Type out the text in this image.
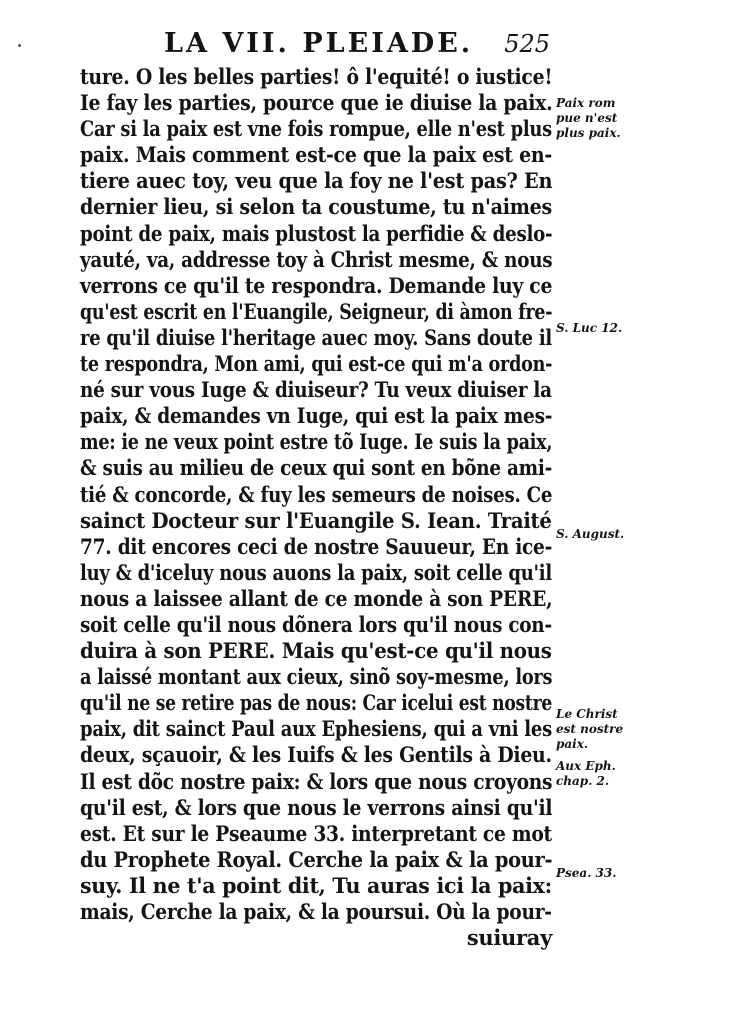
LA VII. PLEIADE. 525
ture. O les belles parties! ô l'equité! o iustice!
Ie fay les parties, pource que ie diuise la paix.
Car si la paix est vne fois rompue, elle n'est plus
paix. Mais comment est-ce que la paix est en-
tiere auec toy, veu que la foy ne l'est pas? En
dernier lieu, si selon ta coustume, tu n'aimes
point de paix, mais plustost la perfidie & deslo-
yauté, va, addresse toy à Christ mesme, & nous
verrons ce qu'il te respondra. Demande luy ce
qu'est escrit en l'Euangile, Seigneur, di àmon fre-
re qu'il diuise l'heritage auec moy. Sans doute il
te respondra, Mon ami, qui est-ce qui m'a ordon-
né sur vous Iuge & diuiseur? Tu veux diuiser la
paix, & demandes vn Iuge, qui est la paix mes-
me: ie ne veux point estre tõ Iuge. Ie suis la paix,
& suis au milieu de ceux qui sont en bõne ami-
tié & concorde, & fuy les semeurs de noises. Ce
sainct Docteur sur l'Euangile S. Iean. Traité
77. dit encores ceci de nostre Sauueur, En ice-
luy & d'iceluy nous auons la paix, soit celle qu'il
nous a laissee allant de ce monde à son PERE,
soit celle qu'il nous dõnera lors qu'il nous con-
duira à son PERE. Mais qu'est-ce qu'il nous
a laissé montant aux cieux, sinõ soy-mesme, lors
qu'il ne se retire pas de nous: Car icelui est nostre
paix, dit sainct Paul aux Ephesiens, qui a vni les
deux, sçauoir, & les Iuifs & les Gentils à Dieu.
Il est dõc nostre paix: & lors que nous croyons
qu'il est, & lors que nous le verrons ainsi qu'il
est. Et sur le Pseaume 33. interpretant ce mot
du Prophete Royal. Cerche la paix & la pour-
suy. Il ne t'a point dit, Tu auras ici la paix:
mais, Cerche la paix, & la poursui. Où la pour-
suiuray
Paix rom
pue n'est
plus paix.
S. Luc 12.
S. August.
Le Christ
est nostre
paix.
Aux Eph.
chap. 2.
Psea. 33.
